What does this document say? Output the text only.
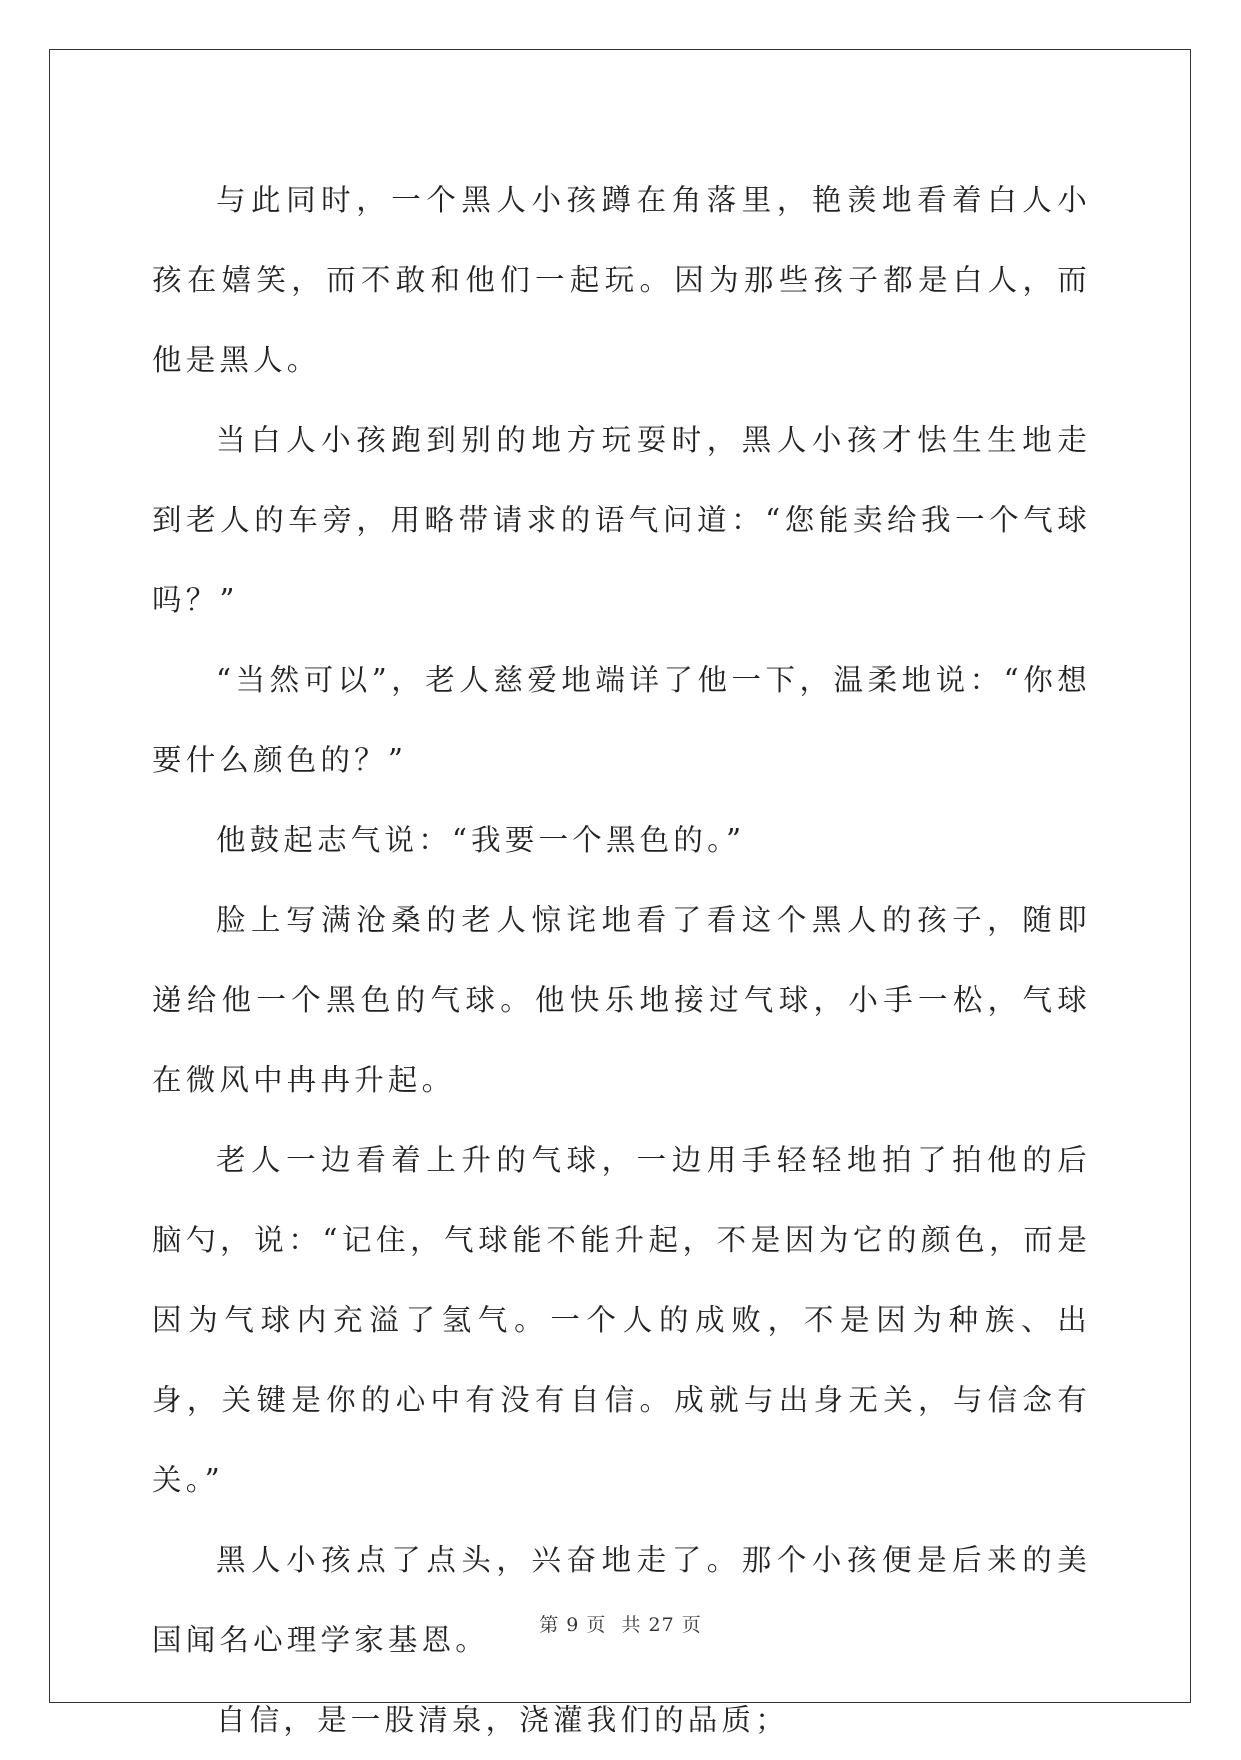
与此同时，一个黑人小孩蹲在角落里，艳羡地看着白人小孩在嬉笑，而不敢和他们一起玩。因为那些孩子都是白人，而他是黑人。

当白人小孩跑到别的地方玩耍时，黑人小孩才怯生生地走到老人的车旁，用略带请求的语气问道：“您能卖给我一个气球吗？”

“当然可以”，老人慈爱地端详了他一下，温柔地说：“你想要什么颜色的？”

他鼓起志气说：“我要一个黑色的。”

脸上写满沧桑的老人惊诧地看了看这个黑人的孩子，随即递给他一个黑色的气球。他快乐地接过气球，小手一松，气球在微风中冉冉升起。

老人一边看着上升的气球，一边用手轻轻地拍了拍他的后脑勺，说：“记住，气球能不能升起，不是因为它的颜色，而是因为气球内充溢了氢气。一个人的成败，不是因为种族、出身，关键是你的心中有没有自信。成就与出身无关，与信念有关。”

黑人小孩点了点头，兴奋地走了。那个小孩便是后来的美国闻名心理学家基恩。

自信，是一股清泉，浇灌我们的品质；

第 9 页 共 27 页
